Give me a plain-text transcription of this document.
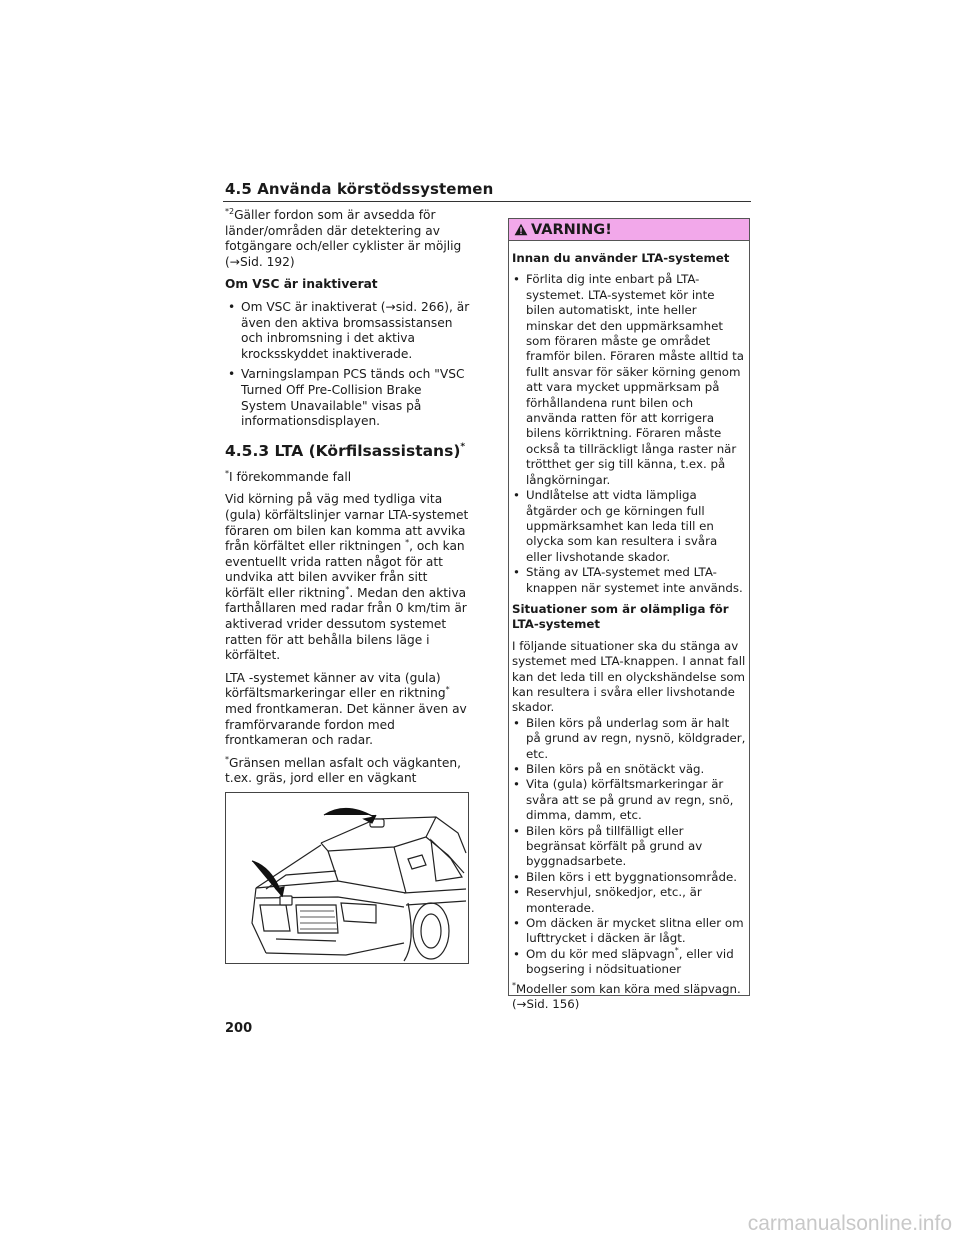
4.5 Använda körstödssystemen

$^{*2}$Gäller fordon som är avsedda för länder/områden där detektering av fotgängare och/eller cyklister är möjlig (→Sid. 192)

Om VSC är inaktiverat

• Om VSC är inaktiverat (→sid. 266), är även den aktiva bromsassistansen och inbromsning i det aktiva krocksskyddet inaktiverade.
• Varningslampan PCS tänds och "VSC Turned Off Pre-Collision Brake System Unavailable" visas på informationsdisplayen.
4.5.3 LTA (Körfilsassistans)*

*I förekommande fall

Vid körning på väg med tydliga vita (gula) körfältslinjer varnar LTA-systemet föraren om bilen kan komma att avvika från körfältet eller riktningen *, och kan eventuellt vrida ratten något för att undvika att bilen avviker från sitt körfält eller riktning*. Medan den aktiva farthållaren med radar från 0 km/tim är aktiverad vrider dessutom systemet ratten för att behålla bilens läge i körfältet.

LTA -systemet känner av vita (gula) körfältsmarkeringar eller en riktning* med frontkameran. Det känner även av framförvarande fordon med frontkameran och radar.

*Gränsen mellan asfalt och vägkanten, t.ex. gräs, jord eller en vägkant

VARNING!

Innan du använder LTA-systemet

• Förlita dig inte enbart på LTA-systemet. LTA-systemet kör inte bilen automatiskt, inte heller minskar det den uppmärksamhet som föraren måste ge området framför bilen. Föraren måste alltid ta fullt ansvar för säker körning genom att vara mycket uppmärksam på förhållandena runt bilen och använda ratten för att korrigera bilens körriktning. Föraren måste också ta tillräckligt långa raster när trötthet ger sig till känna, t.ex. på långkörningar.
• Undlåtelse att vidta lämpliga åtgärder och ge körningen full uppmärksamhet kan leda till en olycka som kan resultera i svåra eller livshotande skador.
• Stäng av LTA-systemet med LTA-knappen när systemet inte används.

Situationer som är olämpliga för LTA-systemet

I följande situationer ska du stänga av systemet med LTA-knappen. I annat fall kan det leda till en olyckshändelse som kan resultera i svåra eller livshotande skador.

• Bilen körs på underlag som är halt på grund av regn, nysnö, köldgrader, etc.
• Bilen körs på en snötäckt väg.
• Vita (gula) körfältsmarkeringar är svåra att se på grund av regn, snö, dimma, damm, etc.
• Bilen körs på tillfälligt eller begränsat körfält på grund av byggnadsarbete.
• Bilen körs i ett byggnationsområde.
• Reservhjul, snökedjor, etc., är monterade.
• Om däcken är mycket slitna eller om lufttrycket i däcken är lågt.
• Om du kör med släpvagn*, eller vid bogsering i nödsituationer

*Modeller som kan köra med släpvagn. (→Sid. 156)

200
carmanualsonline.info
